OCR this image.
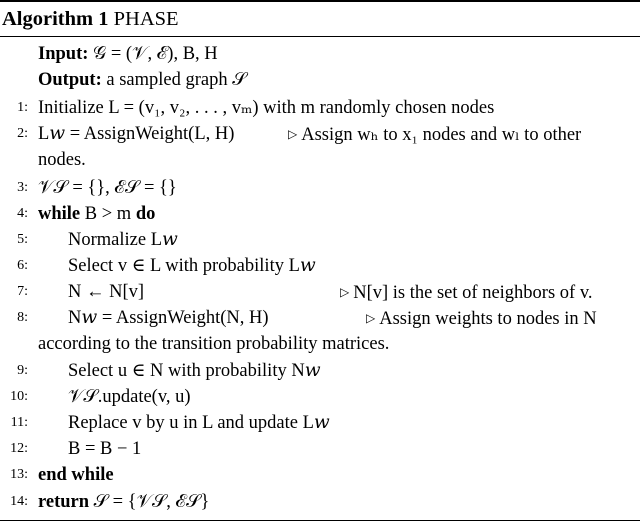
Algorithm 1 PHASE
Input: 𝒢 = (𝒱, ℰ), B, H
Output: a sampled graph 𝒮
1: Initialize L = (v₁, v₂, . . . , vₘ) with m randomly chosen nodes
2: L𝑤 = AssignWeight(L, H)	▷ Assign wₕ to x₁ nodes and wₗ to other
nodes.
3: 𝒱𝒮 = {}, ℰ𝒮 = {}
4: while B > m do
5: Normalize L𝑤
6: Select v ∈ L with probability L𝑤
7: N ← N[v]	▷ N[v] is the set of neighbors of v.
8: N𝑤 = AssignWeight(N, H)	▷ Assign weights to nodes in N
according to the transition probability matrices.
9: Select u ∈ N with probability N𝑤
10: 𝒱𝒮.update(v, u)
11: Replace v by u in L and update L𝑤
12: B = B − 1
13: end while
14: return 𝒮 = {𝒱𝒮, ℰ𝒮}
